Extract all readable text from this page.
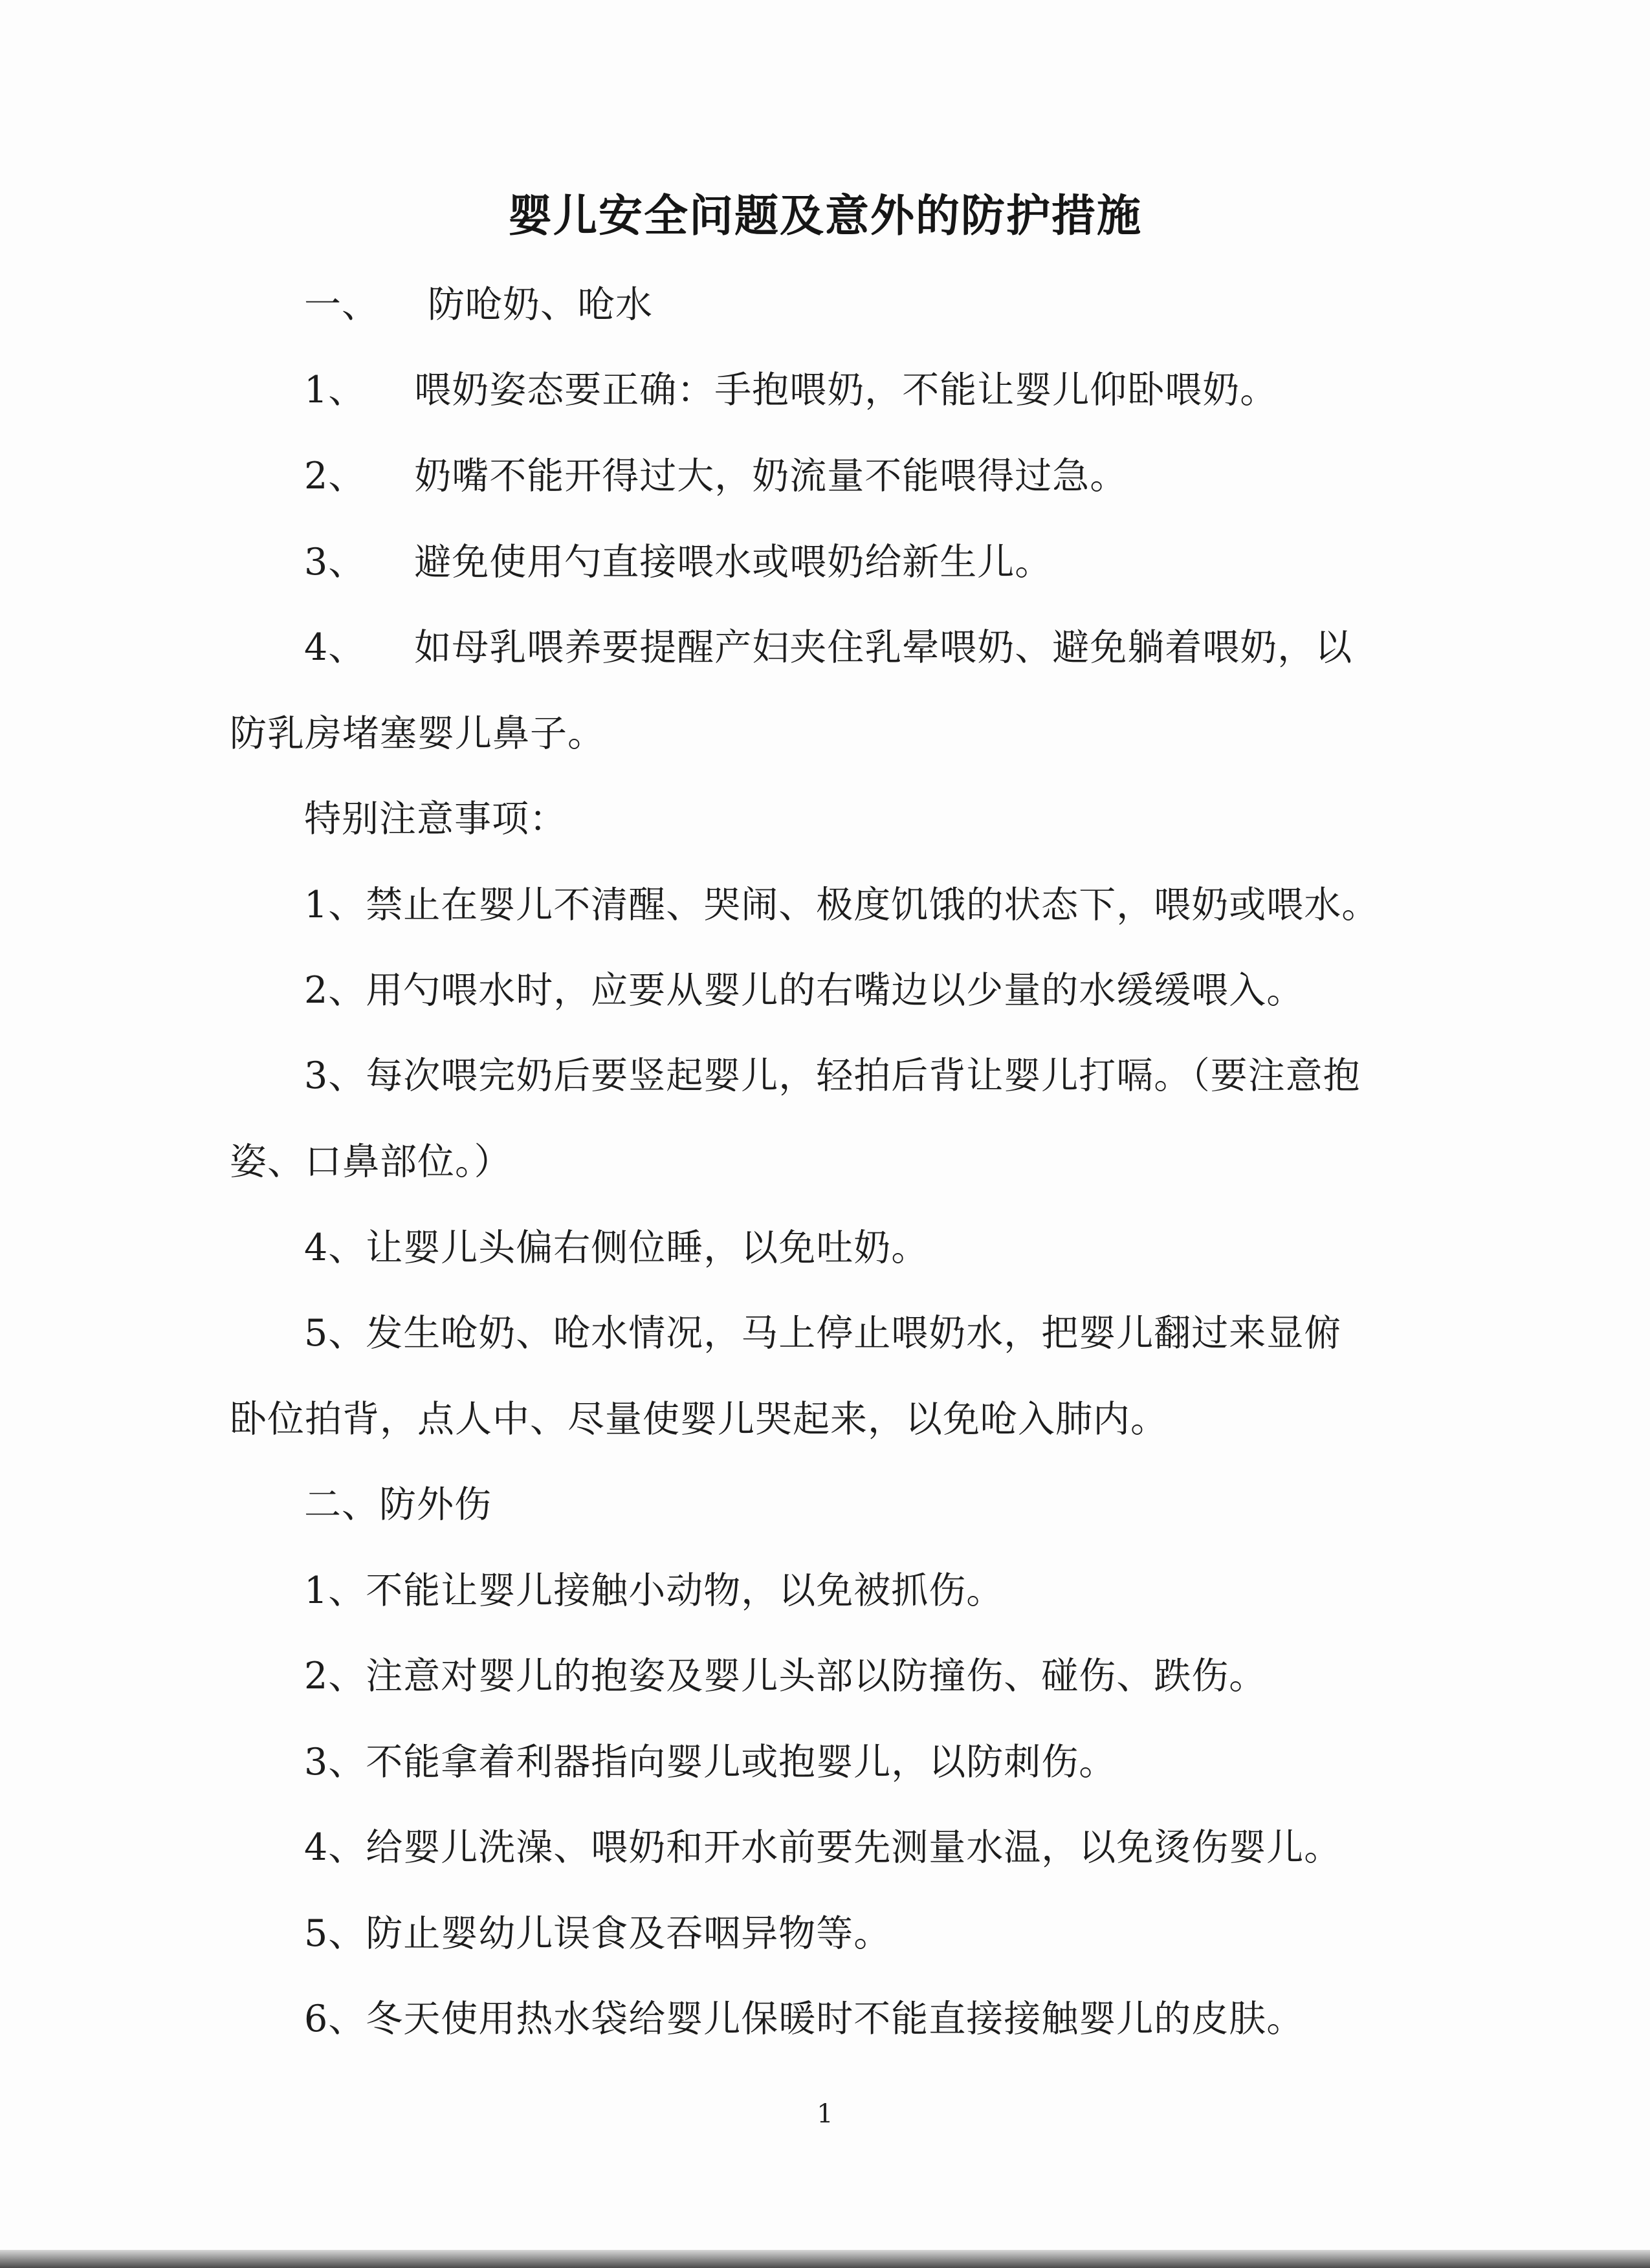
婴儿安全问题及意外的防护措施
一、 防呛奶、呛水
1、 喂奶姿态要正确：手抱喂奶，不能让婴儿仰卧喂奶。
2、 奶嘴不能开得过大，奶流量不能喂得过急。
3、 避免使用勺直接喂水或喂奶给新生儿。
4、 如母乳喂养要提醒产妇夹住乳晕喂奶、避免躺着喂奶，以
防乳房堵塞婴儿鼻子。
特别注意事项：
1、禁止在婴儿不清醒、哭闹、极度饥饿的状态下，喂奶或喂水。
2、用勺喂水时，应要从婴儿的右嘴边以少量的水缓缓喂入。
3、每次喂完奶后要竖起婴儿，轻拍后背让婴儿打嗝。（要注意抱
姿、口鼻部位。）
4、让婴儿头偏右侧位睡，以免吐奶。
5、发生呛奶、呛水情况，马上停止喂奶水，把婴儿翻过来显俯
卧位拍背，点人中、尽量使婴儿哭起来，以免呛入肺内。
二、防外伤
1、不能让婴儿接触小动物，以免被抓伤。
2、注意对婴儿的抱姿及婴儿头部以防撞伤、碰伤、跌伤。
3、不能拿着利器指向婴儿或抱婴儿，以防刺伤。
4、给婴儿洗澡、喂奶和开水前要先测量水温，以免烫伤婴儿。
5、防止婴幼儿误食及吞咽异物等。
6、冬天使用热水袋给婴儿保暖时不能直接接触婴儿的皮肤。
1
